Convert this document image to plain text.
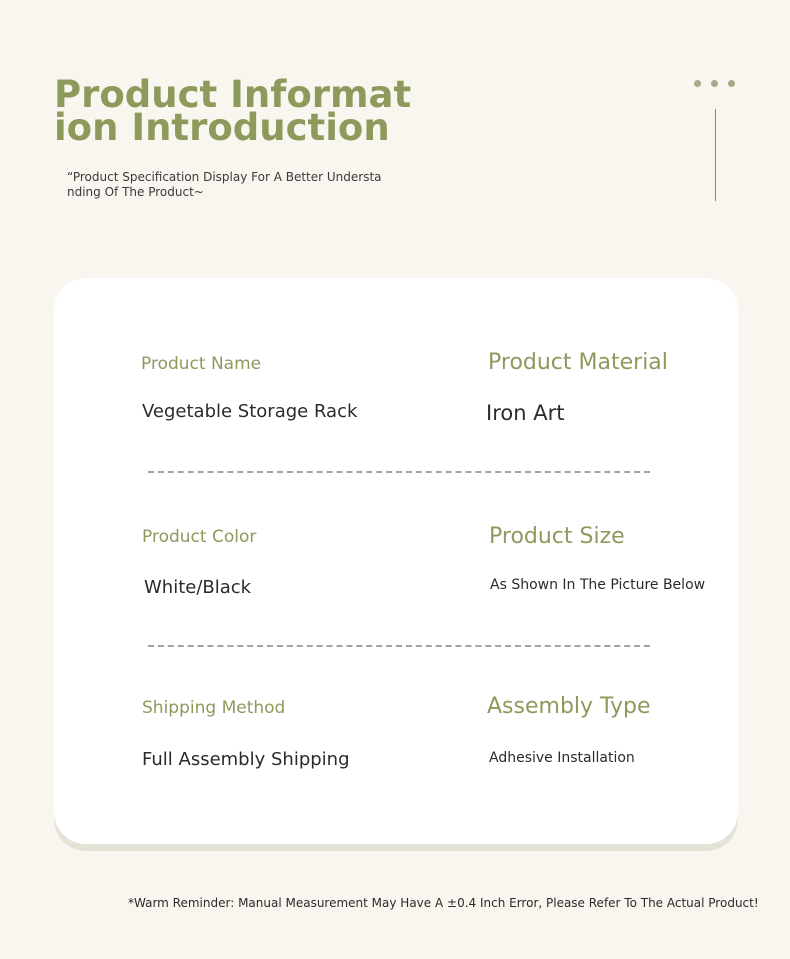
Product Information Introduction
“Product Specification Display For A Better Understanding Of The Product~
Product Name
Vegetable Storage Rack
Product Material
Iron Art
Product Color
White/Black
Product Size
As Shown In The Picture Below
Shipping Method
Full Assembly Shipping
Assembly Type
Adhesive Installation
*Warm Reminder: Manual Measurement May Have A ±0.4 Inch Error, Please Refer To The Actual Product!
